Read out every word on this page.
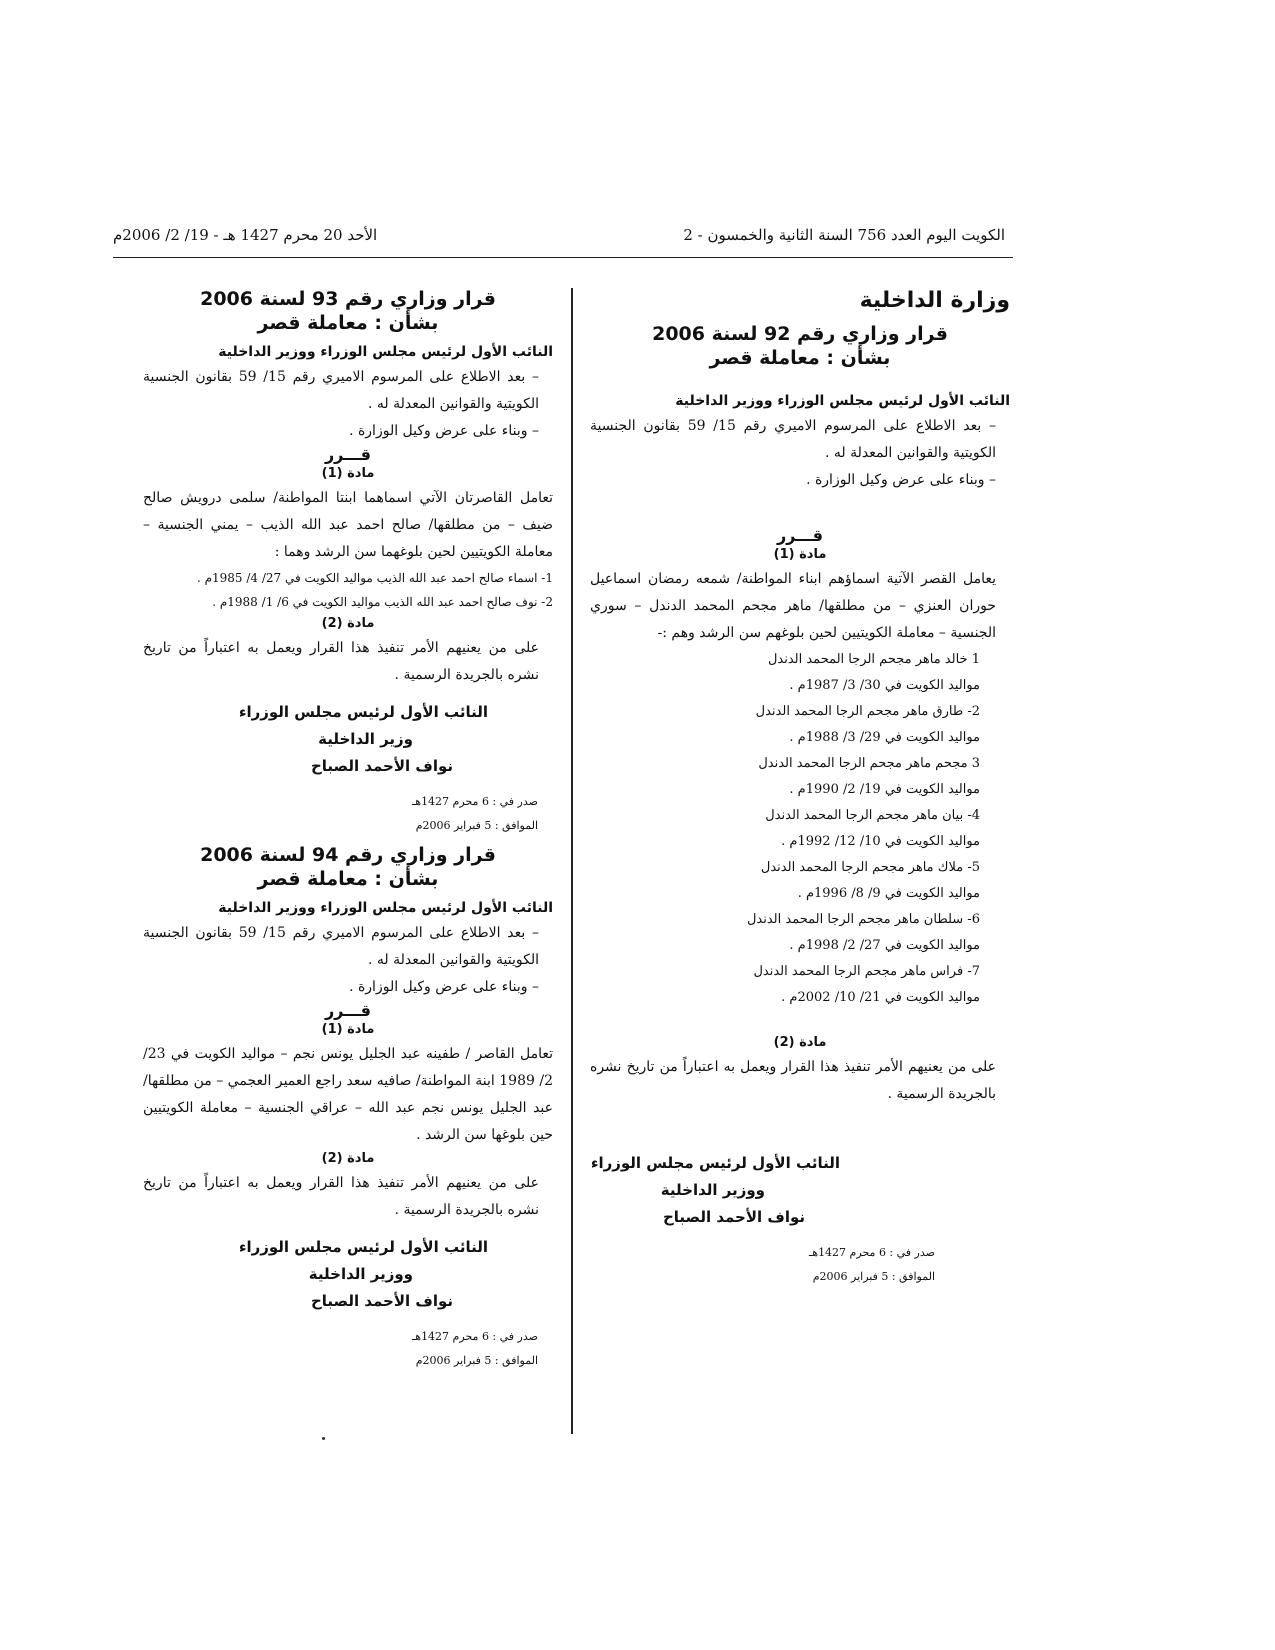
الكويت اليوم العدد 756 السنة الثانية والخمسون - 2
الأحد 20 محرم 1427 هـ - 19/ 2/ 2006م

وزارة الداخلية

قرار وزاري رقم 92 لسنة 2006

بشأن : معاملة قصر

النائب الأول لرئيس مجلس الوزراء ووزير الداخلية

– بعد الاطلاع على المرسوم الاميري رقم 15/ 59 بقانون الجنسية الكويتية والقوانين المعدلة له .

– وبناء على عرض وكيل الوزارة .

قـــرر

مادة (1)

يعامل القصر الآتية اسماؤهم ابناء المواطنة/ شمعه رمضان اسماعيل حوران العنزي – من مطلقها/ ماهر مجحم المحمد الدندل – سوري الجنسية – معاملة الكويتيين لحين بلوغهم سن الرشد وهم :-

1 خالد ماهر مجحم الرجا المحمد الدندل

مواليد الكويت في 30/ 3/ 1987م .

2- طارق ماهر مجحم الرجا المحمد الدندل

مواليد الكويت في 29/ 3/ 1988م .

3 مجحم ماهر مجحم الرجا المحمد الدندل

مواليد الكويت في 19/ 2/ 1990م .

4- بيان ماهر مجحم الرجا المحمد الدندل

مواليد الكويت في 10/ 12/ 1992م .

5- ملاك ماهر مجحم الرجا المحمد الدندل

مواليد الكويت في 9/ 8/ 1996م .

6- سلطان ماهر مجحم الرجا المحمد الدندل

مواليد الكويت في 27/ 2/ 1998م .

7- فراس ماهر مجحم الرجا المحمد الدندل

مواليد الكويت في 21/ 10/ 2002م .

مادة (2)

على من يعنيهم الأمر تنفيذ هذا القرار ويعمل به اعتباراً من تاريخ نشره بالجريدة الرسمية .

النائب الأول لرئيس مجلس الوزراء

ووزير الداخلية

نواف الأحمد الصباح

صدر في : 6 محرم 1427هـ

الموافق : 5 فبراير 2006م

قرار وزاري رقم 93 لسنة 2006

بشأن : معاملة قصر

النائب الأول لرئيس مجلس الوزراء ووزير الداخلية

– بعد الاطلاع على المرسوم الاميري رقم 15/ 59 بقانون الجنسية الكويتية والقوانين المعدلة له .

– وبناء على عرض وكيل الوزارة .

قـــرر

مادة (1)

تعامل القاصرتان الآتي اسماهما ابنتا المواطنة/ سلمى درويش صالح ضيف – من مطلقها/ صالح احمد عبد الله الذيب – يمني الجنسية – معاملة الكويتيين لحين بلوغهما سن الرشد وهما :

1- اسماء صالح احمد عبد الله الذيب مواليد الكويت في 27/ 4/ 1985م .

2- نوف صالح احمد عبد الله الذيب مواليد الكويت في 6/ 1/ 1988م .

مادة (2)

على من يعنيهم الأمر تنفيذ هذا القرار ويعمل به اعتباراً من تاريخ نشره بالجريدة الرسمية .

النائب الأول لرئيس مجلس الوزراء

وزير الداخلية

نواف الأحمد الصباح

صدر في : 6 محرم 1427هـ

الموافق : 5 فبراير 2006م

قرار وزاري رقم 94 لسنة 2006

بشأن : معاملة قصر

النائب الأول لرئيس مجلس الوزراء ووزير الداخلية

– بعد الاطلاع على المرسوم الاميري رقم 15/ 59 بقانون الجنسية الكويتية والقوانين المعدلة له .

– وبناء على عرض وكيل الوزارة .

قـــرر

مادة (1)

تعامل القاصر / طفينه عبد الجليل يونس نجم – مواليد الكويت في 23/ 2/ 1989 ابنة المواطنة/ صافيه سعد راجع العمير العجمي – من مطلقها/ عبد الجليل يونس نجم عبد الله – عراقي الجنسية – معاملة الكويتيين حين بلوغها سن الرشد .

مادة (2)

على من يعنيهم الأمر تنفيذ هذا القرار ويعمل به اعتباراً من تاريخ نشره بالجريدة الرسمية .

النائب الأول لرئيس مجلس الوزراء

ووزير الداخلية

نواف الأحمد الصباح

صدر في : 6 محرم 1427هـ

الموافق : 5 فبراير 2006م
